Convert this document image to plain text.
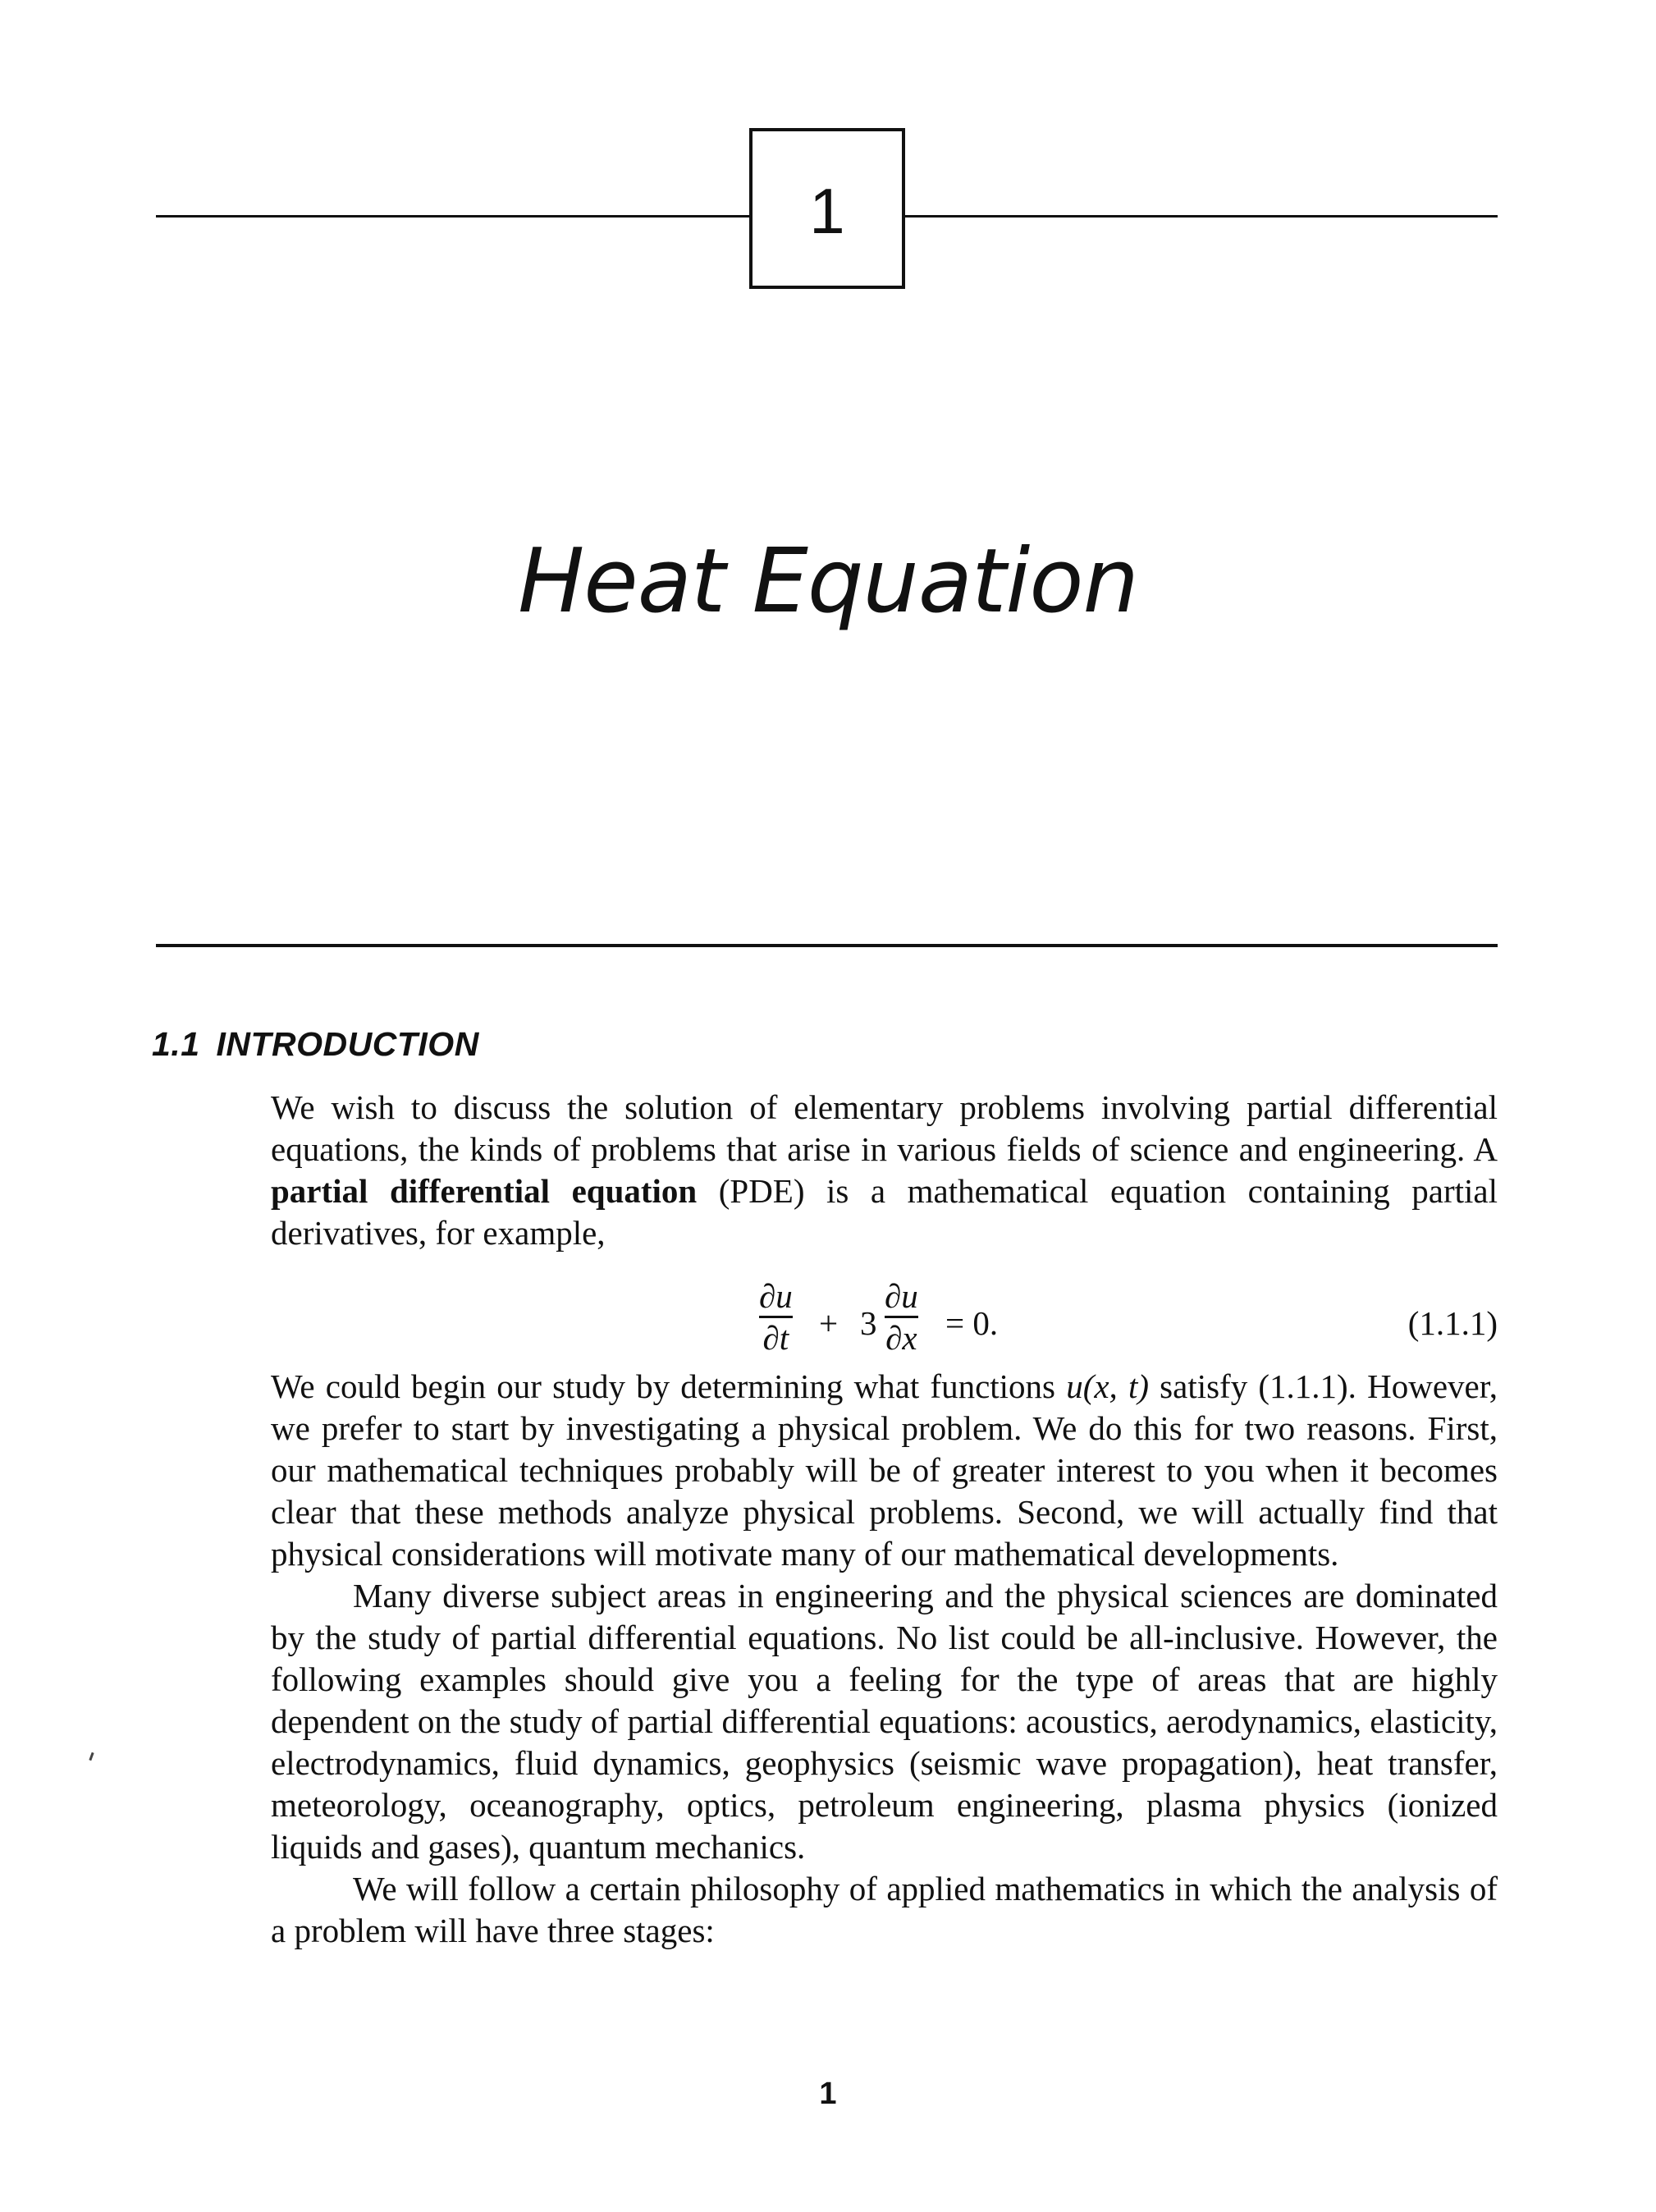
1
Heat Equation
1.1 INTRODUCTION

We wish to discuss the solution of elementary problems involving partial differential equations, the kinds of problems that arise in various fields of science and engineering. A partial differential equation (PDE) is a mathematical equation containing partial derivatives, for example,

∂u
∂t + 3
∂u
∂x = 0.	(1.1.1)

We could begin our study by determining what functions u(x, t) satisfy (1.1.1). However, we prefer to start by investigating a physical problem. We do this for two reasons. First, our mathematical techniques probably will be of greater interest to you when it becomes clear that these methods analyze physical problems. Second, we will actually find that physical considerations will motivate many of our mathematical developments.

Many diverse subject areas in engineering and the physical sciences are dominated by the study of partial differential equations. No list could be all-inclusive. However, the following examples should give you a feeling for the type of areas that are highly dependent on the study of partial differential equations: acoustics, aerodynamics, elasticity, electrodynamics, fluid dynamics, geophysics (seismic wave propagation), heat transfer, meteorology, oceanography, optics, petroleum engineering, plasma physics (ionized liquids and gases), quantum mechanics.

We will follow a certain philosophy of applied mathematics in which the analysis of a problem will have three stages:

1
